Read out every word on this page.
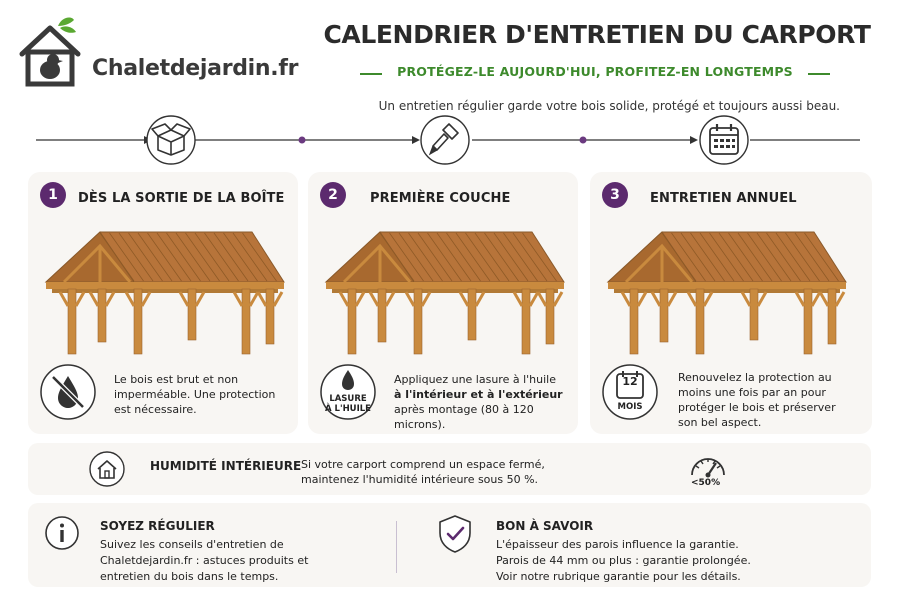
Chaletdejardin.fr
CALENDRIER D'ENTRETIEN DU CARPORT
PROTÉGEZ-LE AUJOURD'HUI, PROFITEZ-EN LONGTEMPS
Un entretien régulier garde votre bois solide, protégé et toujours aussi beau.
1	DÈS LA SORTIE DE LA BOÎTE
Le bois est brut et non imperméable. Une protection est nécessaire.
2	PREMIÈRE COUCHE
LASURE
À L'HUILE
Appliquez une lasure à l'huile
à l'intérieur et à l'extérieur
après montage (80 à 120 microns).
3	ENTRETIEN ANNUEL
12
MOIS
Renouvelez la protection au moins une fois par an pour protéger le bois et préserver son bel aspect.
HUMIDITÉ INTÉRIEURE Si votre carport comprend un espace fermé, maintenez l'humidité intérieure sous 50 %.	<50%
SOYEZ RÉGULIER
Suivez les conseils d'entretien de
Chaletdejardin.fr : astuces produits et
entretien du bois dans le temps.
BON À SAVOIR
L'épaisseur des parois influence la garantie.
Parois de 44 mm ou plus : garantie prolongée.
Voir notre rubrique garantie pour les détails.
